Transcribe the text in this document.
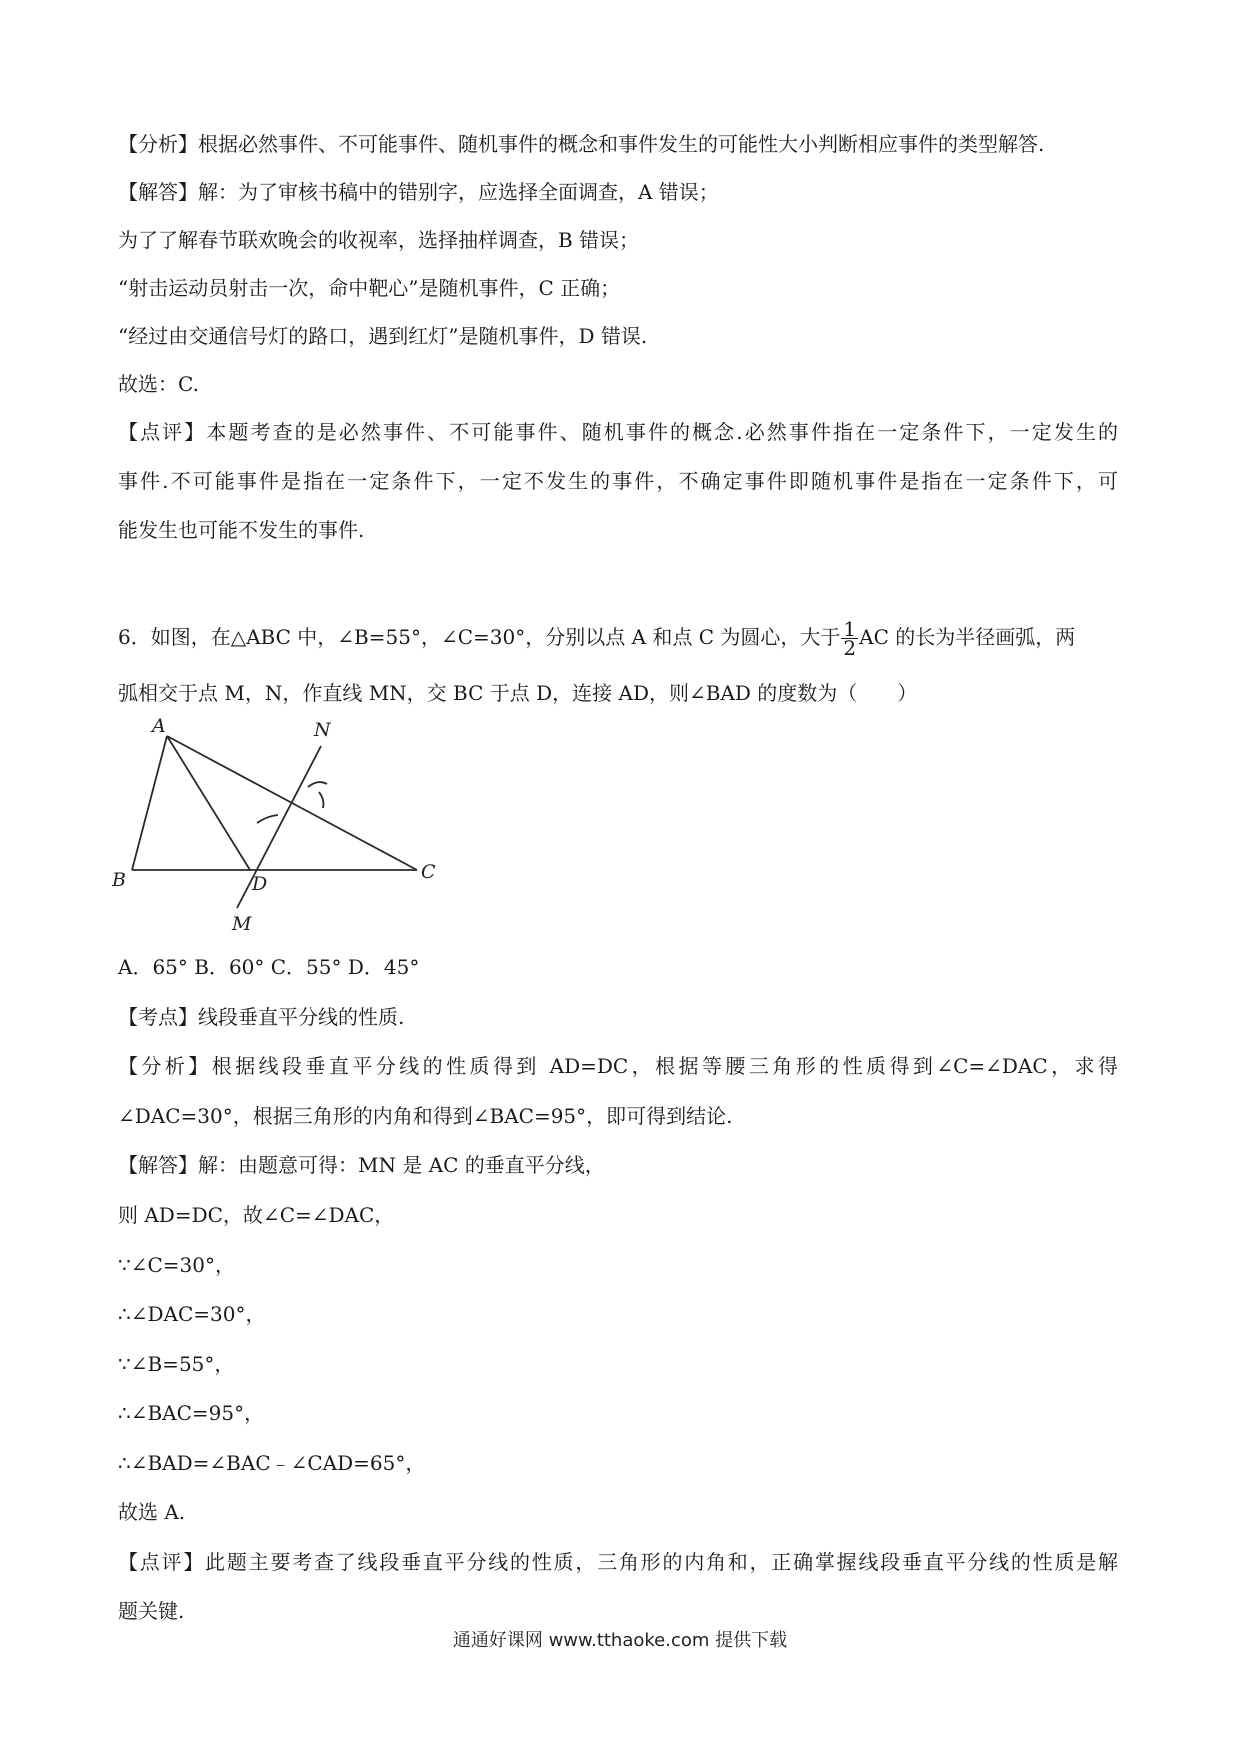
【分析】根据必然事件、不可能事件、随机事件的概念和事件发生的可能性大小判断相应事件的类型解答.
【解答】解：为了审核书稿中的错别字，应选择全面调查，A 错误；
为了了解春节联欢晚会的收视率，选择抽样调查，B 错误；
“射击运动员射击一次，命中靶心”是随机事件，C 正确；
“经过由交通信号灯的路口，遇到红灯”是随机事件，D 错误.
故选：C.
【点评】本题考查的是必然事件、不可能事件、随机事件的概念.必然事件指在一定条件下，一定发生的
事件.不可能事件是指在一定条件下，一定不发生的事件，不确定事件即随机事件是指在一定条件下，可
能发生也可能不发生的事件.
6．如图，在△ABC 中，∠B=55°，∠C=30°，分别以点 A 和点 C 为圆心，大于 $\frac{1}{2}$ AC 的长为半径画弧，两
弧相交于点 M，N，作直线 MN，交 BC 于点 D，连接 AD，则∠BAD 的度数为（　　）
A
B	C
D
M
N
A．65° B．60° C．55° D．45°
【考点】线段垂直平分线的性质.
【分析】根据线段垂直平分线的性质得到 AD=DC，根据等腰三角形的性质得到∠C=∠DAC，求得
∠DAC=30°，根据三角形的内角和得到∠BAC=95°，即可得到结论.
【解答】解：由题意可得：MN 是 AC 的垂直平分线，
则 AD=DC，故∠C=∠DAC，
∵∠C=30°，
∴∠DAC=30°，
∵∠B=55°，
∴∠BAC=95°，
∴∠BAD=∠BAC﹣∠CAD=65°，
故选 A.
【点评】此题主要考查了线段垂直平分线的性质，三角形的内角和，正确掌握线段垂直平分线的性质是解
题关键.
通通好课网 www.tthaoke.com 提供下载
